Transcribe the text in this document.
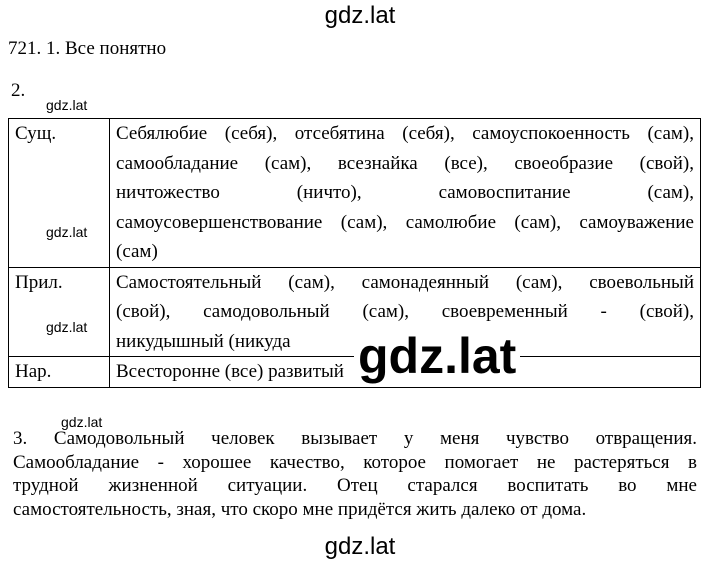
gdz.lat
721. 1. Все понятно
2.
gdz.lat
Сущ.	Себялюбие (себя), отсебятина (себя), самоуспокоенность (сам),
самообладание (сам), всезнайка (все), своеобразие (свой),
ничтожество (ничто), самовоспитание (сам),
самоусовершенствование (сам), самолюбие (сам), самоуважение
(сам)

Прил.	Самостоятельный (сам), самонадеянный (сам), своевольный
(свой), самодовольный (сам), своевременный - (свой),
никудышный (никуда

Нар.	Всесторонне (все) развитый
gdz.lat
gdz.lat
gdz.lat
gdz.lat
3. Самодовольный человек вызывает у меня чувство отвращения.
Самообладание - хорошее качество, которое помогает не растеряться в
трудной жизненной ситуации. Отец старался воспитать во мне
самостоятельность, зная, что скоро мне придётся жить далеко от дома.
gdz.lat
